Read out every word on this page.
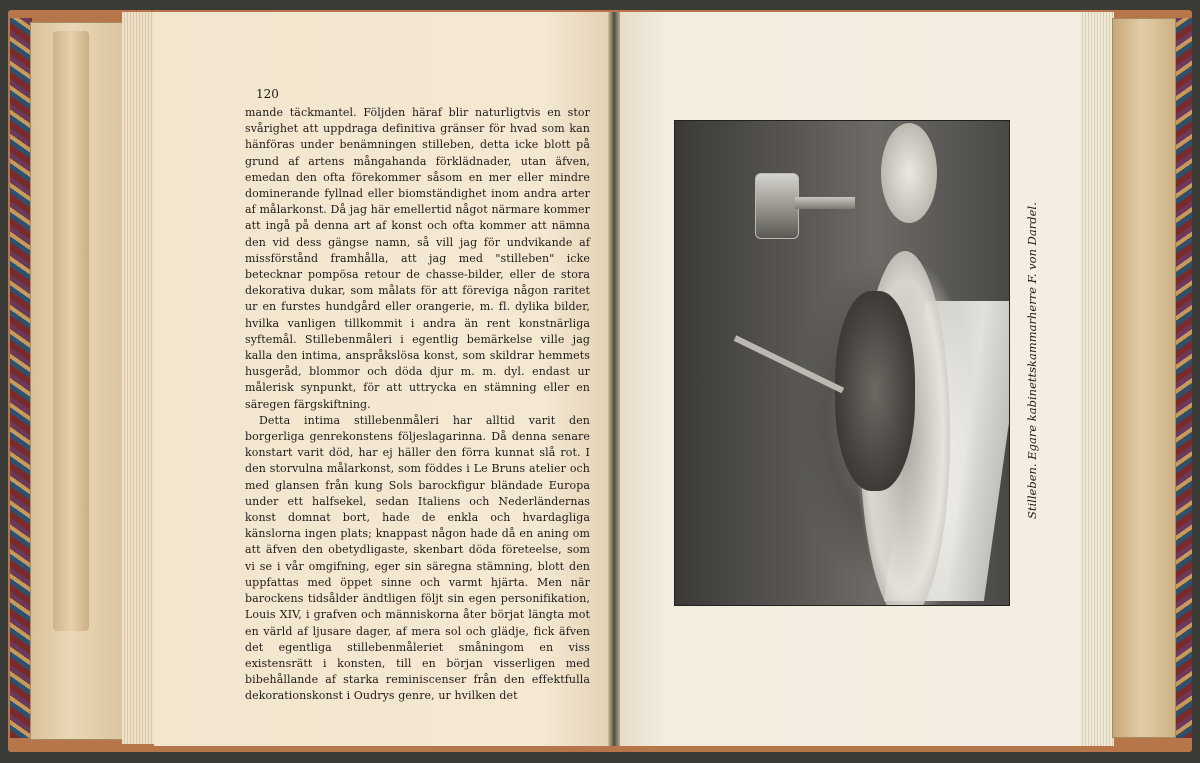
120
mande täckmantel. Följden häraf blir naturligtvis en stor svårighet att uppdraga definitiva gränser för hvad som kan hänföras under benämningen stilleben, detta icke blott på grund af artens mångahanda förklädnader, utan äfven, emedan den ofta förekommer såsom en mer eller mindre dominerande fyllnad eller biomständighet inom andra arter af målarkonst. Då jag här emellertid något närmare kommer att ingå på denna art af konst och ofta kommer att nämna den vid dess gängse namn, så vill jag för undvikande af missförstånd framhålla, att jag med "stilleben" icke betecknar pompösa retour de chasse-bilder, eller de stora dekorativa dukar, som målats för att föreviga någon raritet ur en furstes hundgård eller orangerie, m. fl. dylika bilder, hvilka vanligen tillkommit i andra än rent konstnärliga syftemål. Stillebenmåleri i egentlig bemärkelse ville jag kalla den intima, anspråkslösa konst, som skildrar hemmets husgeråd, blommor och döda djur m. m. dyl. endast ur målerisk synpunkt, för att uttrycka en stämning eller en säregen färgskiftning.
Detta intima stillebenmåleri har alltid varit den borgerliga genrekonstens följeslagarinna. Då denna senare konstart varit död, har ej häller den förra kunnat slå rot. I den storvulna målarkonst, som föddes i Le Bruns atelier och med glansen från kung Sols barockfigur bländade Europa under ett halfsekel, sedan Italiens och Nederländernas konst domnat bort, hade de enkla och hvardagliga känslorna ingen plats; knappast någon hade då en aning om att äfven den obetydligaste, skenbart döda företeelse, som vi se i vår omgifning, eger sin säregna stämning, blott den uppfattas med öppet sinne och varmt hjärta. Men när barockens tidsålder ändtligen följt sin egen personifikation, Louis XIV, i grafven och människorna åter börjat längta mot en värld af ljusare dager, af mera sol och glädje, fick äfven det egentliga stillebenmåleriet småningom en viss existensrätt i konsten, till en början visserligen med bibehållande af starka reminiscenser från den effektfulla dekorationskonst i Oudrys genre, ur hvilken det
Stilleben. Egare kabinettskammarherre F. von Dardel.
